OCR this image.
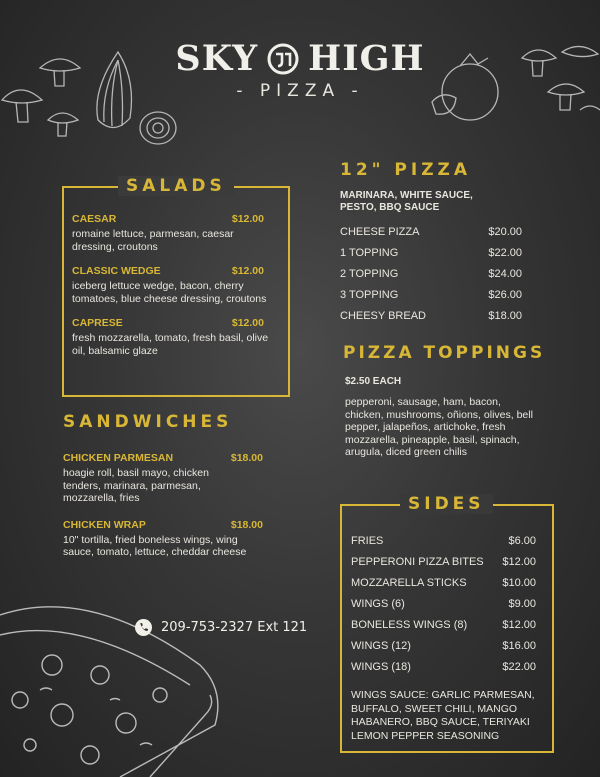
SKY HIGH
- PIZZA -
SALADS
CAESAR	$12.00
romaine lettuce, parmesan, caesar dressing, croutons
CLASSIC WEDGE	$12.00
iceberg lettuce wedge, bacon, cherry tomatoes, blue cheese dressing, croutons
CAPRESE	$12.00
fresh mozzarella, tomato, fresh basil, olive oil, balsamic glaze
SANDWICHES
CHICKEN PARMESAN	$18.00
hoagie roll, basil mayo, chicken tenders, marinara, parmesan, mozzarella, fries
CHICKEN WRAP	$18.00
10" tortilla, fried boneless wings, wing sauce, tomato, lettuce, cheddar cheese
209-753-2327 Ext 121
12" PIZZA
MARINARA, WHITE SAUCE, PESTO, BBQ SAUCE
CHEESE PIZZA	$20.00
1 TOPPING	$22.00
2 TOPPING	$24.00
3 TOPPING	$26.00
CHEESY BREAD	$18.00
PIZZA TOPPINGS
$2.50 EACH
pepperoni, sausage, ham, bacon, chicken, mushrooms, oñions, olives, bell pepper, jalapeños, artichoke, fresh mozzarella, pineapple, basil, spinach, arugula, diced green chilis
SIDES
FRIES	$6.00
PEPPERONI PIZZA BITES $12.00
MOZZARELLA STICKS	$10.00
WINGS (6)	$9.00
BONELESS WINGS (8)	$12.00
WINGS (12)	$16.00
WINGS (18)	$22.00
WINGS SAUCE: GARLIC PARMESAN, BUFFALO, SWEET CHILI, MANGO HABANERO, BBQ SAUCE, TERIYAKI LEMON PEPPER SEASONING
